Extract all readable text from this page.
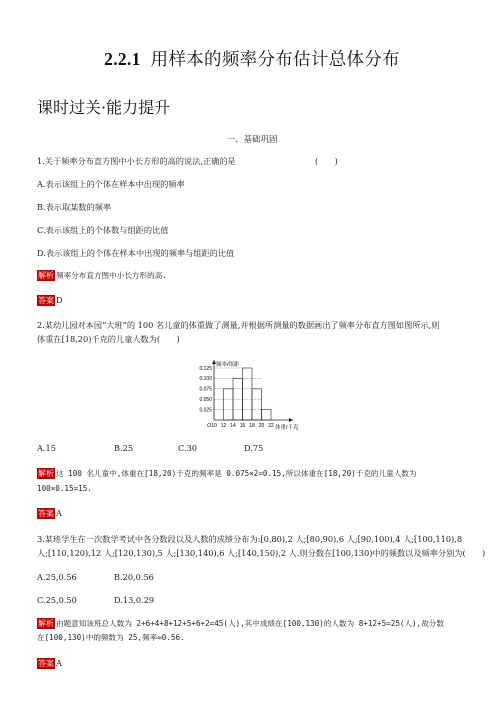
2.2.1 用样本的频率分布估计总体分布
课时过关·能力提升
一、基础巩固
1.关于频率分布直方图中小长方形的高的说法,正确的是	(　　)
A.表示该组上的个体在样本中出现的频率
B.表示取某数的频率
C.表示该组上的个体数与组距的比值
D.表示该组上的个体在样本中出现的频率与组距的比值
解析 频率分布直方图中小长方形的高.
答案 D
2.某幼儿园对本园“大班”的 100 名儿童的体重做了测量,并根据所测量的数据画出了频率分布直方图如图所示,则
体重在[18,20)千克的儿童人数为(　　)
频率/组距
体重/千克
O
0.125
0.100
0.075
0.050
0.025
10 12 14 16 18 20 22
A.15	B.25	C.30	D.75
解析 这 100 名儿童中,体重在[18,20)千克的频率是 0.075×2=0.15,所以体重在[18,20)千克的儿童人数为
100×0.15=15.
答案 A
3.某班学生在一次数学考试中各分数段以及人数的成绩分布为:[0,80),2 人;[80,90),6 人;[90,100),4 人;[100,110),8
人;[110,120),12 人;[120,130),5 人;[130,140),6 人;[140,150),2 人.则分数在[100,130)中的频数以及频率分别为(　　)
A.25,0.56	B.20,0.56
C.25,0.50	D.13,0.29
解析 由题意知该班总人数为 2+6+4+8+12+5+6+2=45(人),其中成绩在[100,130)的人数为 8+12+5=25(人),故分数
在[100,130)中的频数为 25,频率≈0.56.
答案 A
